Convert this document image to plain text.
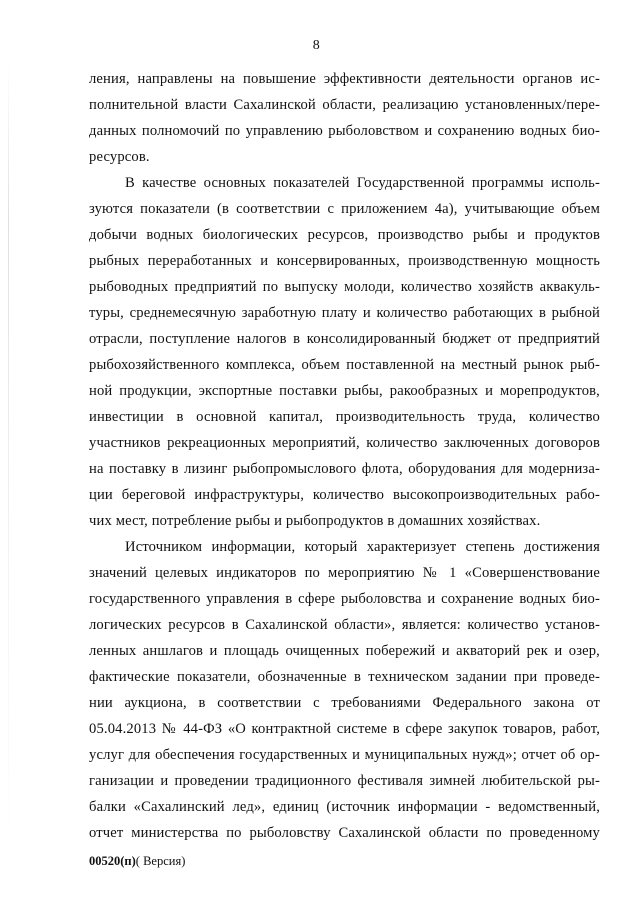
8
ления, направлены на повышение эффективности деятельности органов ис-
полнительной власти Сахалинской области, реализацию установленных/пере-
данных полномочий по управлению рыболовством и сохранению водных био-
ресурсов.
В качестве основных показателей Государственной программы исполь-
зуются показатели (в соответствии с приложением 4а), учитывающие объем
добычи водных биологических ресурсов, производство рыбы и продуктов
рыбных переработанных и консервированных, производственную мощность
рыбоводных предприятий по выпуску молоди, количество хозяйств аквакуль-
туры, среднемесячную заработную плату и количество работающих в рыбной
отрасли, поступление налогов в консолидированный бюджет от предприятий
рыбохозяйственного комплекса, объем поставленной на местный рынок рыб-
ной продукции, экспортные поставки рыбы, ракообразных и морепродуктов,
инвестиции в основной капитал, производительность труда, количество
участников рекреационных мероприятий, количество заключенных договоров
на поставку в лизинг рыбопромыслового флота, оборудования для модерниза-
ции береговой инфраструктуры, количество высокопроизводительных рабо-
чих мест, потребление рыбы и рыбопродуктов в домашних хозяйствах.
Источником информации, который характеризует степень достижения
значений целевых индикаторов по мероприятию № 1 «Совершенствование
государственного управления в сфере рыболовства и сохранение водных био-
логических ресурсов в Сахалинской области», является: количество установ-
ленных аншлагов и площадь очищенных побережий и акваторий рек и озер,
фактические показатели, обозначенные в техническом задании при проведе-
нии аукциона, в соответствии с требованиями Федерального закона от
05.04.2013 № 44-ФЗ «О контрактной системе в сфере закупок товаров, работ,
услуг для обеспечения государственных и муниципальных нужд»; отчет об ор-
ганизации и проведении традиционного фестиваля зимней любительской ры-
балки «Сахалинский лед», единиц (источник информации - ведомственный,
отчет министерства по рыболовству Сахалинской области по проведенному
00520(п)( Версия)
